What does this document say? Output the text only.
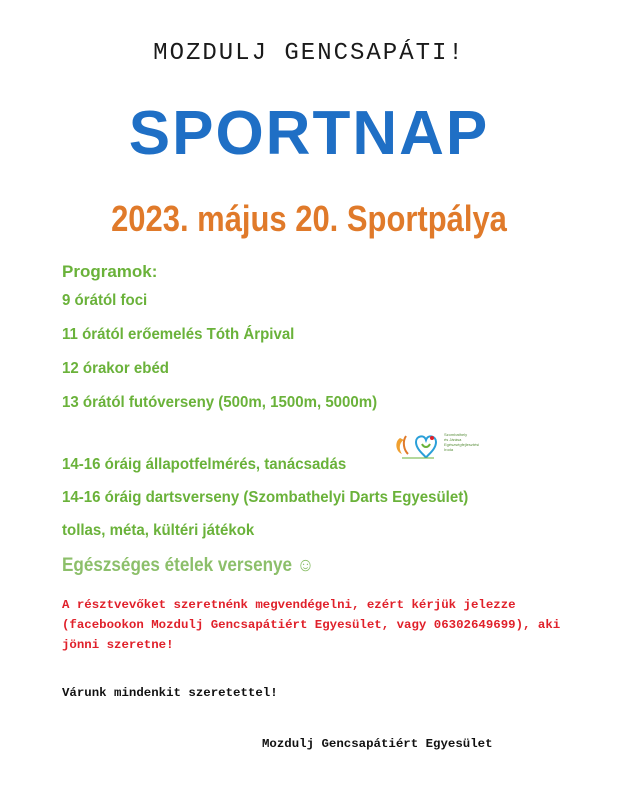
MOZDULJ GENCSAPÁTI!
SPORTNAP
2023. május 20. Sportpálya
Programok:
9 órától foci
11 órától erőemelés Tóth Árpival
12 órakor ebéd
13 órától futóverseny (500m, 1500m, 5000m)
14-16 óráig állapotfelmérés, tanácsadás
14-16 óráig dartsverseny (Szombathelyi Darts Egyesület)
tollas, méta, kültéri játékok
Szombathely
és Járása
Egészségfejlesztési
Iroda
Egészséges ételek versenye ☺
A résztvevőket szeretnénk megvendégelni, ezért kérjük jelezze (facebookon Mozdulj Gencsapátiért Egyesület, vagy 06302649699), aki jönni szeretne!
Várunk mindenkit szeretettel!
Mozdulj Gencsapátiért Egyesület
